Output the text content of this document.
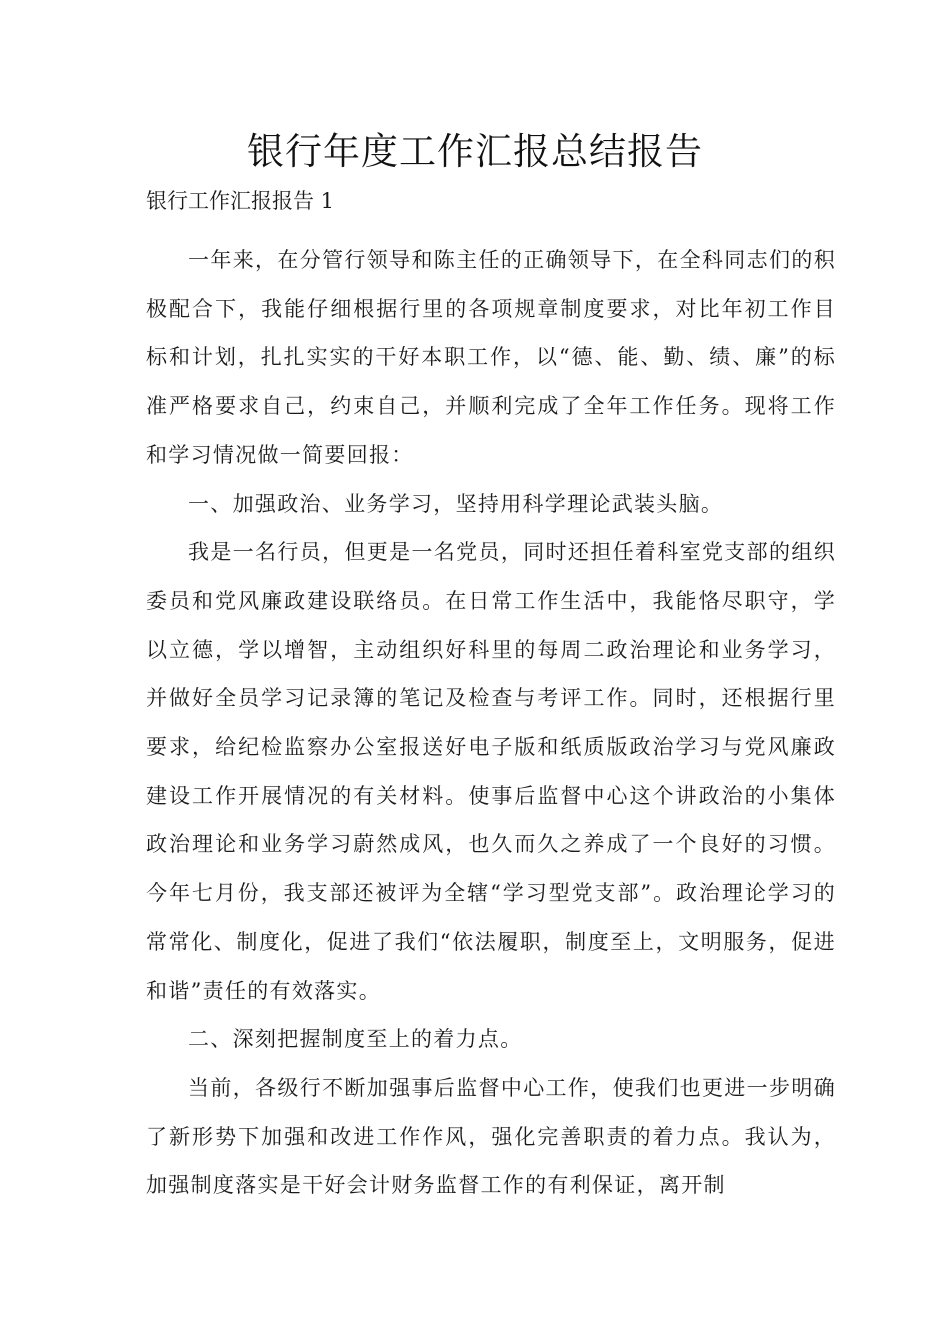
银行年度工作汇报总结报告

银行工作汇报报告 1

一年来，在分管行领导和陈主任的正确领导下，在全科同志们的积极配合下，我能仔细根据行里的各项规章制度要求，对比年初工作目标和计划，扎扎实实的干好本职工作，以“德、能、勤、绩、廉”的标准严格要求自己，约束自己，并顺利完成了全年工作任务。现将工作和学习情况做一简要回报：

一、加强政治、业务学习，坚持用科学理论武装头脑。

我是一名行员，但更是一名党员，同时还担任着科室党支部的组织委员和党风廉政建设联络员。在日常工作生活中，我能恪尽职守，学以立德，学以增智，主动组织好科里的每周二政治理论和业务学习，并做好全员学习记录簿的笔记及检查与考评工作。同时，还根据行里要求，给纪检监察办公室报送好电子版和纸质版政治学习与党风廉政建设工作开展情况的有关材料。使事后监督中心这个讲政治的小集体政治理论和业务学习蔚然成风，也久而久之养成了一个良好的习惯。今年七月份，我支部还被评为全辖“学习型党支部”。政治理论学习的常常化、制度化，促进了我们“依法履职，制度至上，文明服务，促进和谐”责任的有效落实。

二、深刻把握制度至上的着力点。

当前，各级行不断加强事后监督中心工作，使我们也更进一步明确了新形势下加强和改进工作作风，强化完善职责的着力点。我认为，加强制度落实是干好会计财务监督工作的有利保证，离开制
